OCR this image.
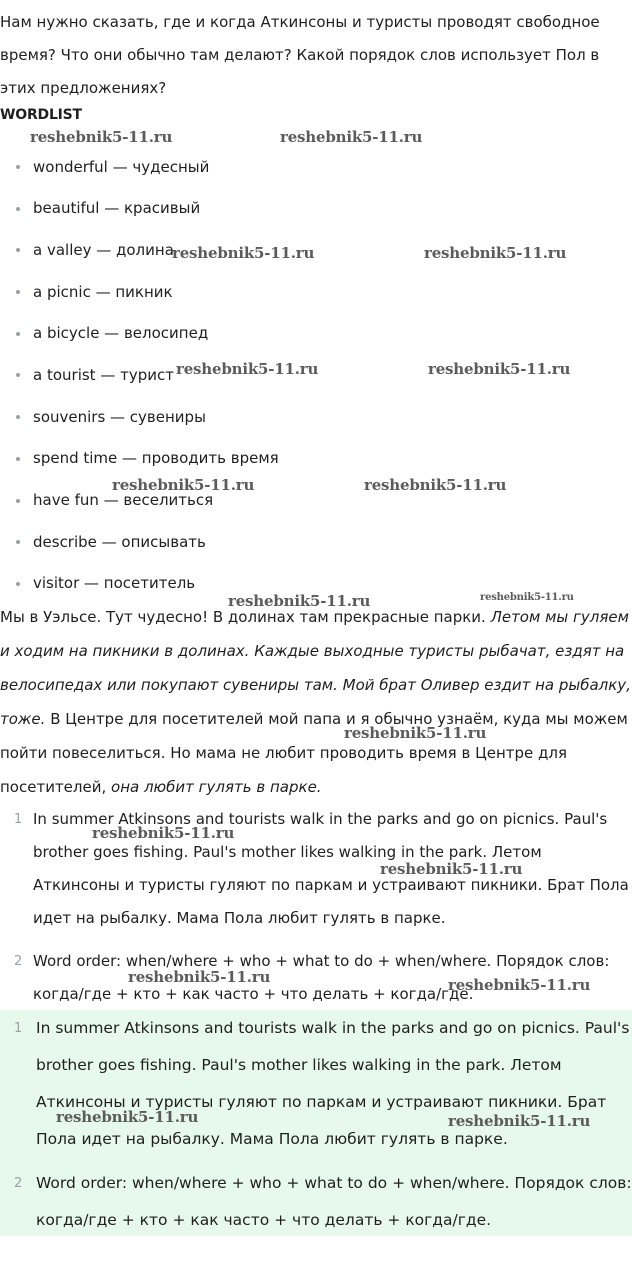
Нам нужно сказать, где и когда Аткинсоны и туристы проводят свободное время? Что они обычно там делают? Какой порядок слов использует Пол в этих предложениях?

WORDLIST
wonderful — чудесный
beautiful — красивый
a valley — долина
a picnic — пикник
a bicycle — велосипед
a tourist — турист
souvenirs — сувениры
spend time — проводить время
have fun — веселиться
describe — описывать
visitor — посетитель

Мы в Уэльсе. Тут чудесно! В долинах там прекрасные парки. Летом мы гуляем и ходим на пикники в долинах. Каждые выходные туристы рыбачат, ездят на велосипедах или покупают сувениры там. Мой брат Оливер ездит на рыбалку, тоже. В Центре для посетителей мой папа и я обычно узнаём, куда мы можем пойти повеселиться. Но мама не любит проводить время в Центре для посетителей, она любит гулять в парке.

1 In summer Atkinsons and tourists walk in the parks and go on picnics. Paul's brother goes fishing. Paul's mother likes walking in the park. Летом Аткинсоны и туристы гуляют по паркам и устраивают пикники. Брат Пола идет на рыбалку. Мама Пола любит гулять в парке.
2 Word order: when/where + who + what to do + when/where. Порядок слов: когда/где + кто + как часто + что делать + когда/где.
1 In summer Atkinsons and tourists walk in the parks and go on picnics. Paul's brother goes fishing. Paul's mother likes walking in the park. Летом Аткинсоны и туристы гуляют по паркам и устраивают пикники. Брат Пола идет на рыбалку. Мама Пола любит гулять в парке.
2 Word order: when/where + who + what to do + when/where. Порядок слов: когда/где + кто + как часто + что делать + когда/где.
reshebnik5-11.ru	reshebnik5-11.ru
reshebnik5-11.ru	reshebnik5-11.ru
reshebnik5-11.ru	reshebnik5-11.ru
reshebnik5-11.ru	reshebnik5-11.ru
reshebnik5-11.ru	reshebnik5-11.ru
reshebnik5-11.ru
reshebnik5-11.ru
reshebnik5-11.ru
reshebnik5-11.ru	reshebnik5-11.ru
reshebnik5-11.ru	reshebnik5-11.ru
